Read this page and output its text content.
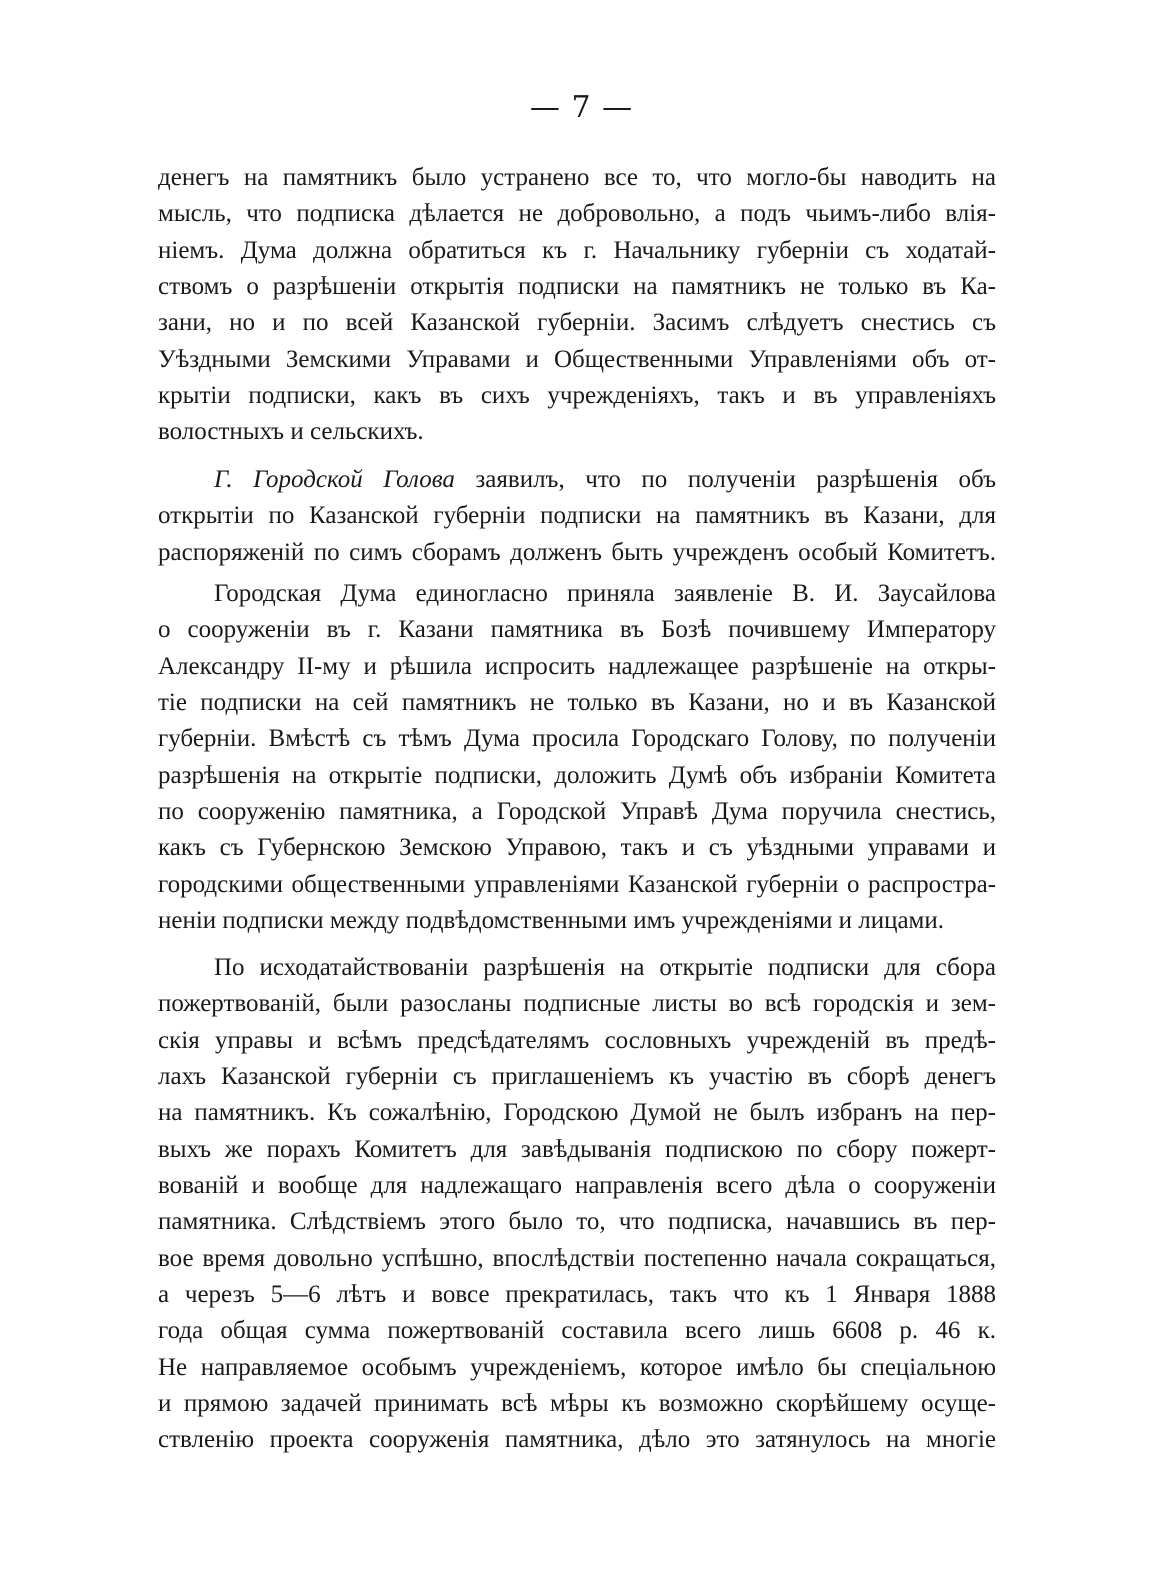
— 7 —
денегъ на памятникъ было устранено все то, что могло-бы наводить на
мысль, что подписка дѣлается не добровольно, а подъ чьимъ-либо влія-
ніемъ. Дума должна обратиться къ г. Начальнику губерніи съ ходатай-
ствомъ о разрѣшеніи открытія подписки на памятникъ не только въ Ка-
зани, но и по всей Казанской губерніи. Засимъ слѣдуетъ снестись съ
Уѣздными Земскими Управами и Общественными Управленіями объ от-
крытіи подписки, какъ въ сихъ учрежденіяхъ, такъ и въ управленіяхъ
волостныхъ и сельскихъ.
Г. Городской Голова заявилъ, что по полученіи разрѣшенія объ
открытіи по Казанской губерніи подписки на памятникъ въ Казани, для
распоряженій по симъ сборамъ долженъ быть учрежденъ особый Комитетъ.
Городская Дума единогласно приняла заявленіе В. И. Заусайлова
о сооруженіи въ г. Казани памятника въ Бозѣ почившему Императору
Александру II-му и рѣшила испросить надлежащее разрѣшеніе на откры-
тіе подписки на сей памятникъ не только въ Казани, но и въ Казанской
губерніи. Вмѣстѣ съ тѣмъ Дума просила Городскаго Голову, по полученіи
разрѣшенія на открытіе подписки, доложить Думѣ объ избраніи Комитета
по сооруженію памятника, а Городской Управѣ Дума поручила снестись,
какъ съ Губернскою Земскою Управою, такъ и съ уѣздными управами и
городскими общественными управленіями Казанской губерніи о распростра-
неніи подписки между подвѣдомственными имъ учрежденіями и лицами.
По исходатайствованіи разрѣшенія на открытіе подписки для сбора
пожертвованій, были разосланы подписные листы во всѣ городскія и зем-
скія управы и всѣмъ предсѣдателямъ сословныхъ учрежденій въ предѣ-
лахъ Казанской губерніи съ приглашеніемъ къ участію въ сборѣ денегъ
на памятникъ. Къ сожалѣнію, Городскою Думой не былъ избранъ на пер-
выхъ же порахъ Комитетъ для завѣдыванія подпискою по сбору пожерт-
вованій и вообще для надлежащаго направленія всего дѣла о сооруженіи
памятника. Слѣдствіемъ этого было то, что подписка, начавшись въ пер-
вое время довольно успѣшно, впослѣдствіи постепенно начала сокращаться,
а черезъ 5—6 лѣтъ и вовсе прекратилась, такъ что къ 1 Января 1888
года общая сумма пожертвованій составила всего лишь 6608 р. 46 к.
Не направляемое особымъ учрежденіемъ, которое имѣло бы спеціальною
и прямою задачей принимать всѣ мѣры къ возможно скорѣйшему осуще-
ствленію проекта сооруженія памятника, дѣло это затянулось на многіе
